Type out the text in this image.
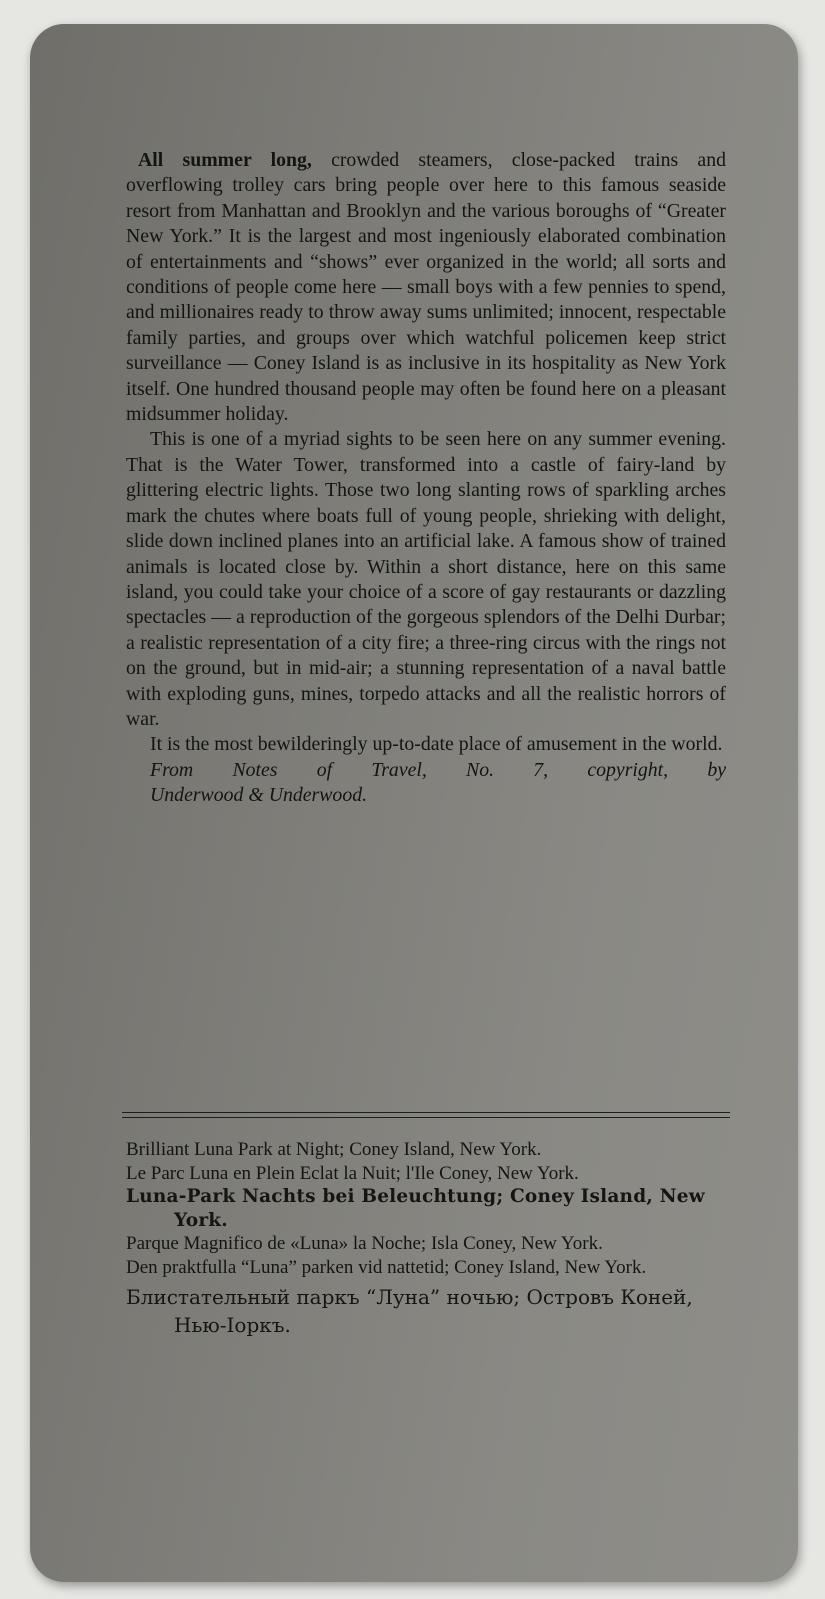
All summer long, crowded steamers, close-packed trains and overflowing trolley cars bring people over here to this famous seaside resort from Manhattan and Brooklyn and the various boroughs of “Greater New York.” It is the largest and most ingeniously elaborated combination of entertainments and “shows” ever organized in the world; all sorts and conditions of people come here — small boys with a few pennies to spend, and millionaires ready to throw away sums unlimited; innocent, respectable family parties, and groups over which watchful policemen keep strict surveillance — Coney Island is as inclusive in its hospitality as New York itself. One hundred thousand people may often be found here on a pleasant midsummer holiday.

This is one of a myriad sights to be seen here on any summer evening. That is the Water Tower, transformed into a castle of fairy-land by glittering electric lights. Those two long slanting rows of sparkling arches mark the chutes where boats full of young people, shrieking with delight, slide down inclined planes into an artificial lake. A famous show of trained animals is located close by. Within a short distance, here on this same island, you could take your choice of a score of gay restaurants or dazzling spectacles — a reproduction of the gorgeous splendors of the Delhi Durbar; a realistic representation of a city fire; a three-ring circus with the rings not on the ground, but in mid-air; a stunning representation of a naval battle with exploding guns, mines, torpedo attacks and all the realistic horrors of war.

It is the most bewilderingly up-to-date place of amusement in the world.

From Notes of Travel, No. 7, copyright, by

Underwood & Underwood.

Brilliant Luna Park at Night; Coney Island, New York.

Le Parc Luna en Plein Eclat la Nuit; l'Ile Coney, New York.

Luna-Park Nachts bei Beleuchtung; Coney Island, New York.

Parque Magnifico de «Luna» la Noche; Isla Coney, New York.

Den praktfulla “Luna” parken vid nattetid; Coney Island, New York.

Блистательный паркъ “Луна” ночью; Островъ Коней, Нью-Іоркъ.
